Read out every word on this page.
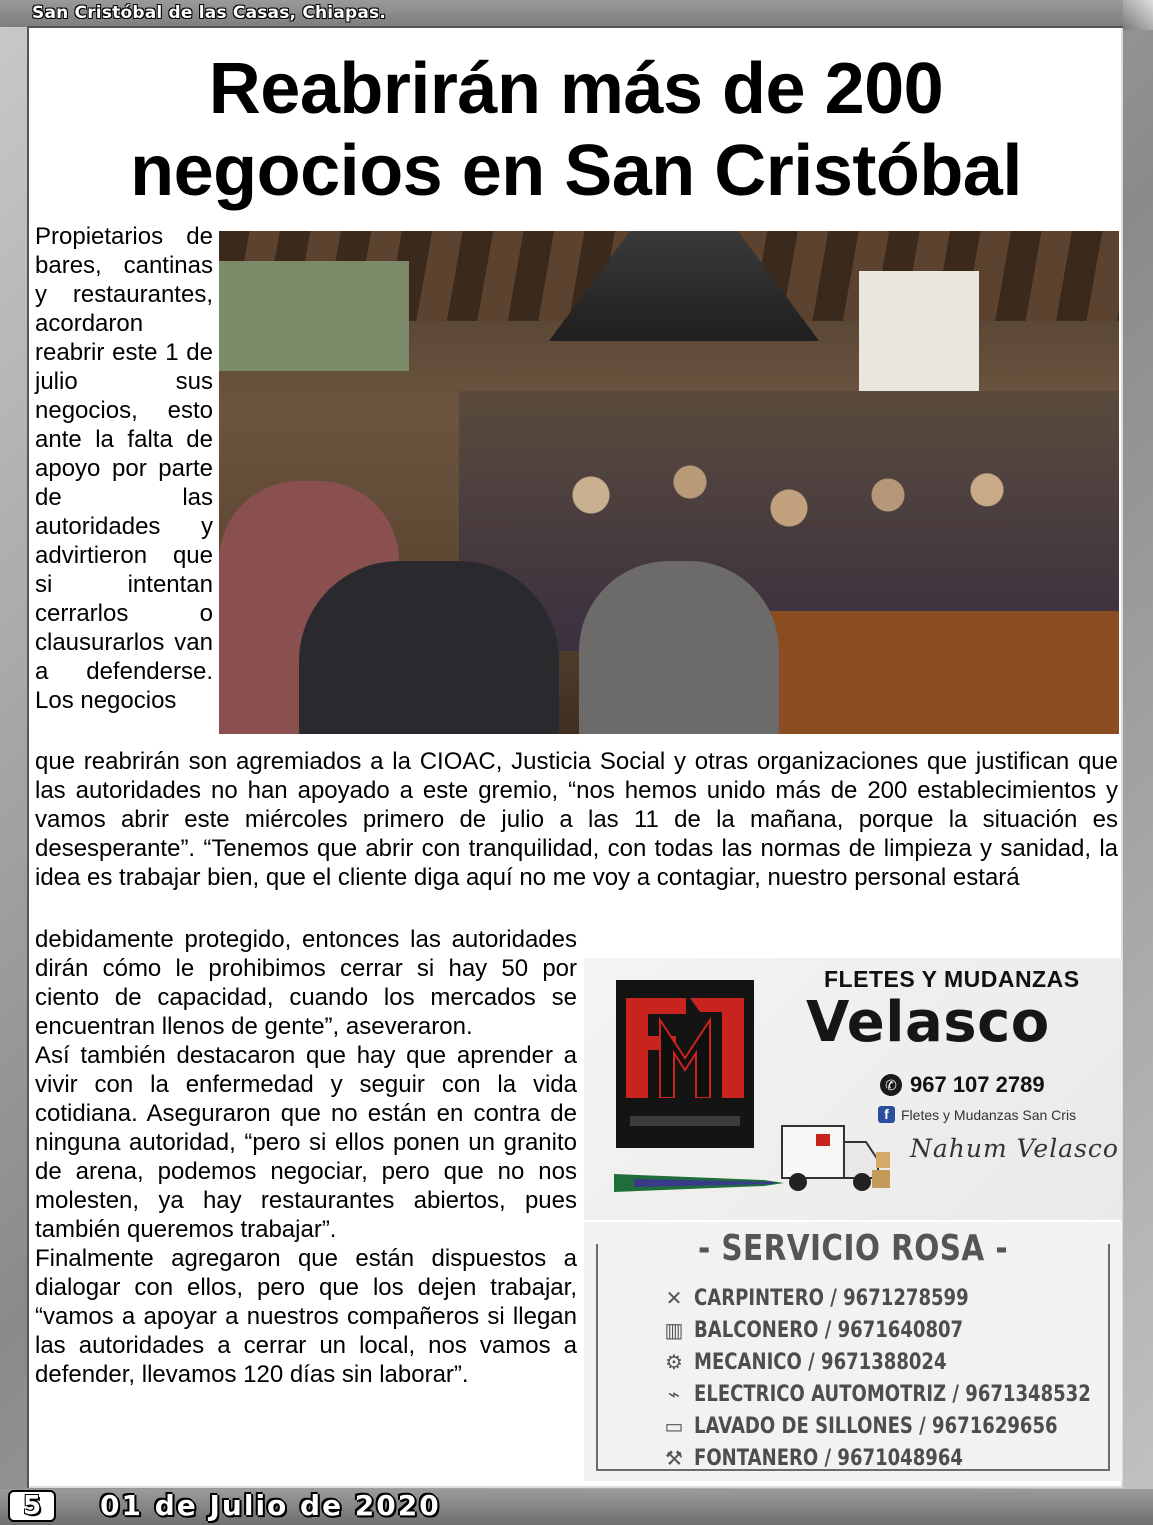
San Cristóbal de las Casas, Chiapas.
Reabrirán más de 200
negocios en San Cristóbal

Propietarios de bares, cantinas y restaurantes, acordaron reabrir este 1 de julio sus negocios, esto ante la falta de apoyo por parte de las autoridades y advirtieron que si intentan cerrarlos o clausurarlos van a defenderse. Los negocios

que reabrirán son agremiados a la CIOAC, Justicia Social y otras organizaciones que justifican que las autoridades no han apoyado a este gremio, “nos hemos unido más de 200 establecimientos y vamos abrir este miércoles primero de julio a las 11 de la mañana, porque la situación es desesperante”. “Tenemos que abrir con tranquilidad, con todas las normas de limpieza y sanidad, la idea es trabajar bien, que el cliente diga aquí no me voy a contagiar, nuestro personal estará

debidamente protegido, entonces las autoridades dirán cómo le prohibimos cerrar si hay 50 por ciento de capacidad, cuando los mercados se encuentran llenos de gente”, aseveraron.

Así también destacaron que hay que aprender a vivir con la enfermedad y seguir con la vida cotidiana. Aseguraron que no están en contra de ninguna autoridad, “pero si ellos ponen un granito de arena, podemos negociar, pero que no nos molesten, ya hay restaurantes abiertos, pues también queremos trabajar”.

Finalmente agregaron que están dispuestos a dialogar con ellos, pero que los dejen trabajar, “vamos a apoyar a nuestros compañeros si llegan las autoridades a cerrar un local, nos vamos a defender, llevamos 120 días sin laborar”.

FLETES Y MUDANZAS
Velasco
✆ 967 107 2789
f Fletes y Mudanzas San Cris
Nahum Velasco
- SERVICIO ROSA -
✕ CARPINTERO / 9671278599
▥ BALCONERO / 9671640807
⚙ MECANICO / 9671388024
⌁ ELECTRICO AUTOMOTRIZ / 9671348532
▭ LAVADO DE SILLONES / 9671629656
⚒ FONTANERO / 9671048964
5	01 de Julio de 2020
